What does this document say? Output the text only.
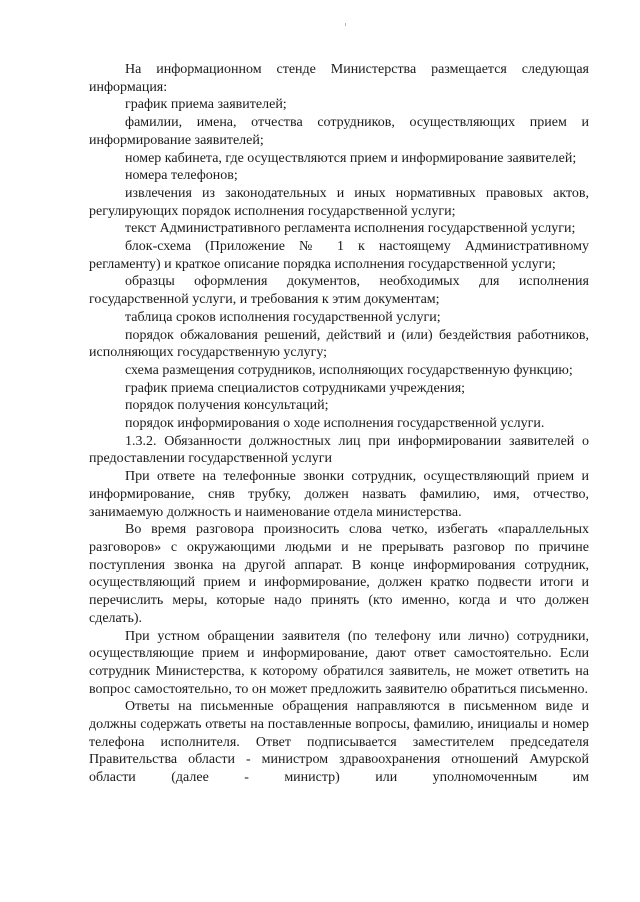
На информационном стенде Министерства размещается следующая информация:

график приема заявителей;

фамилии, имена, отчества сотрудников, осуществляющих прием и информирование заявителей;

номер кабинета, где осуществляются прием и информирование заявителей;

номера телефонов;

извлечения из законодательных и иных нормативных правовых актов, регулирующих порядок исполнения государственной услуги;

текст Административного регламента исполнения государственной услуги;

блок-схема (Приложение № 1 к настоящему Административному регламенту) и краткое описание порядка исполнения государственной услуги;

образцы оформления документов, необходимых для исполнения государственной услуги, и требования к этим документам;

таблица сроков исполнения государственной услуги;

порядок обжалования решений, действий и (или) бездействия работников, исполняющих государственную услугу;

схема размещения сотрудников, исполняющих государственную функцию;

график приема специалистов сотрудниками учреждения;

порядок получения консультаций;

порядок информирования о ходе исполнения государственной услуги.

1.3.2. Обязанности должностных лиц при информировании заявителей о предоставлении государственной услуги

При ответе на телефонные звонки сотрудник, осуществляющий прием и информирование, сняв трубку, должен назвать фамилию, имя, отчество, занимаемую должность и наименование отдела министерства.

Во время разговора произносить слова четко, избегать «параллельных разговоров» с окружающими людьми и не прерывать разговор по причине поступления звонка на другой аппарат. В конце информирования сотрудник, осуществляющий прием и информирование, должен кратко подвести итоги и перечислить меры, которые надо принять (кто именно, когда и что должен сделать).

При устном обращении заявителя (по телефону или лично) сотрудники, осуществляющие прием и информирование, дают ответ самостоятельно. Если сотрудник Министерства, к которому обратился заявитель, не может ответить на вопрос самостоятельно, то он может предложить заявителю обратиться письменно.

Ответы на письменные обращения направляются в письменном виде и должны содержать ответы на поставленные вопросы, фамилию, инициалы и номер телефона исполнителя. Ответ подписывается заместителем председателя Правительства области - министром здравоохранения отношений Амурской области (далее - министр) или уполномоченным им
